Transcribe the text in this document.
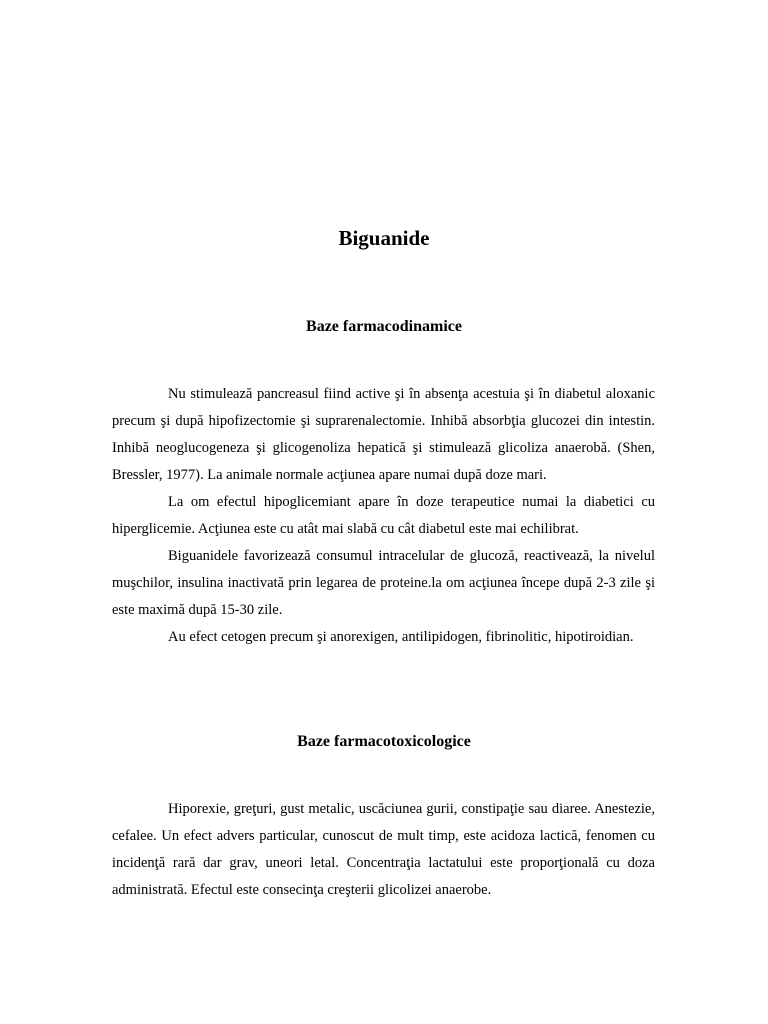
Biguanide
Baze farmacodinamice

Nu stimulează pancreasul fiind active şi în absenţa acestuia şi în diabetul aloxanic precum şi după hipofizectomie şi suprarenalectomie. Inhibă absorbţia glucozei din intestin. Inhibă neoglucogeneza şi glicogenoliza hepatică şi stimulează glicoliza anaerobă. (Shen, Bressler, 1977). La animale normale acţiunea apare numai după doze mari.

La om efectul hipoglicemiant apare în doze terapeutice numai la diabetici cu hiperglicemie. Acţiunea este cu atât mai slabă cu cât diabetul este mai echilibrat.

Biguanidele favorizează consumul intracelular de glucoză, reactivează, la nivelul muşchilor, insulina inactivată prin legarea de proteine.la om acţiunea începe după 2-3 zile şi este maximă după 15-30 zile.

Au efect cetogen precum şi anorexigen, antilipidogen, fibrinolitic, hipotiroidian.

Baze farmacotoxicologice

Hiporexie, greţuri, gust metalic, uscăciunea gurii, constipaţie sau diaree. Anestezie, cefalee. Un efect advers particular, cunoscut de mult timp, este acidoza lactică, fenomen cu incidenţă rară dar grav, uneori letal. Concentraţia lactatului este proporţională cu doza administrată. Efectul este consecinţa creşterii glicolizei anaerobe.
